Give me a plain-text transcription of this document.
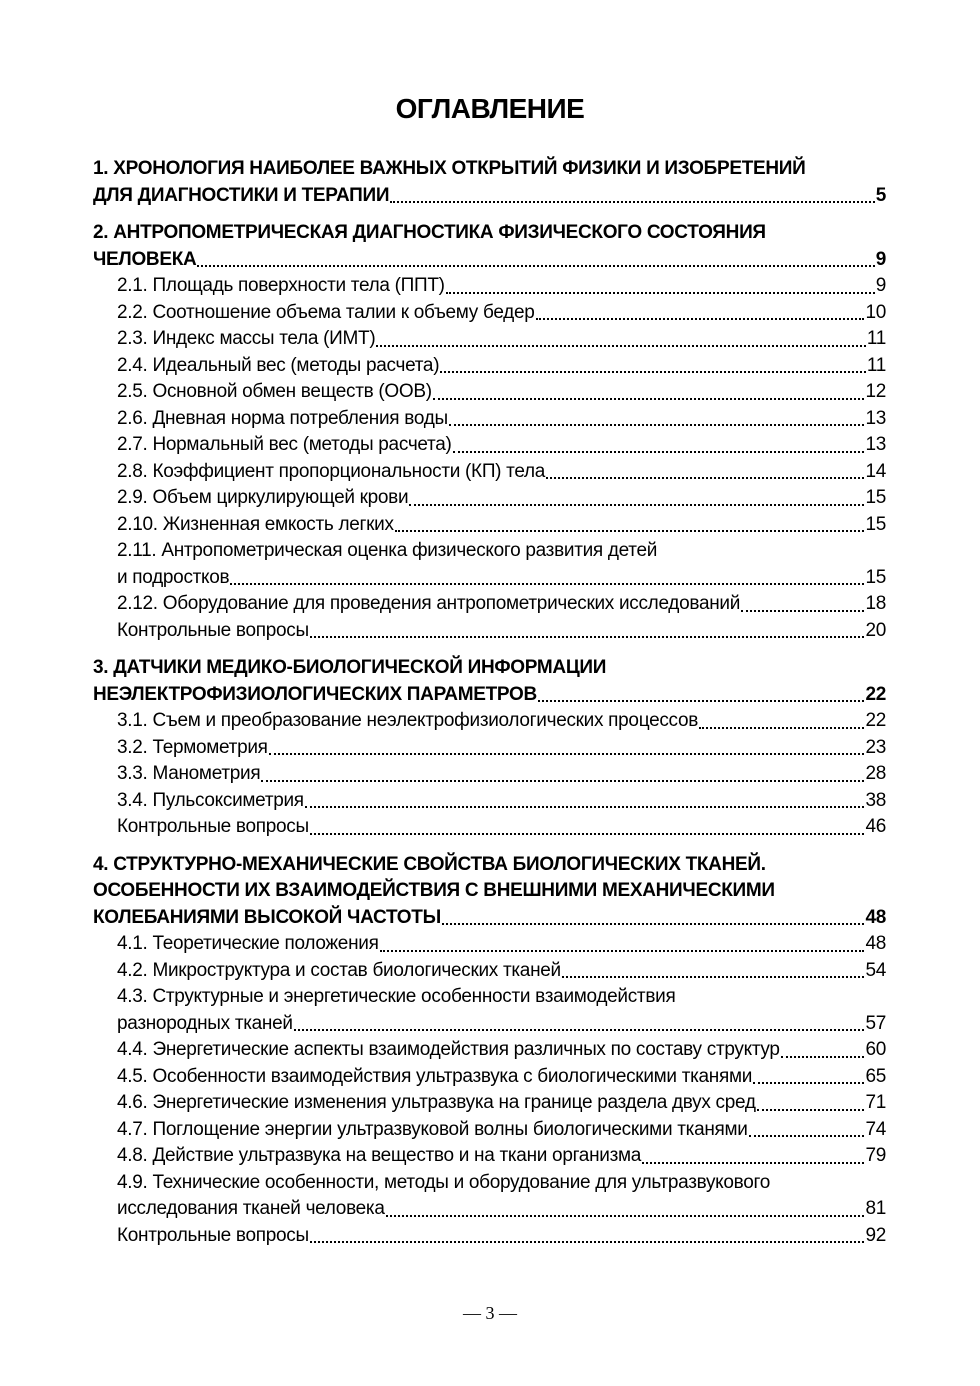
ОГЛАВЛЕНИЕ
1. ХРОНОЛОГИЯ НАИБОЛЕЕ ВАЖНЫХ ОТКРЫТИЙ ФИЗИКИ И ИЗОБРЕТЕНИЙ
ДЛЯ ДИАГНОСТИКИ И ТЕРАПИИ	5
2. АНТРОПОМЕТРИЧЕСКАЯ ДИАГНОСТИКА ФИЗИЧЕСКОГО СОСТОЯНИЯ
ЧЕЛОВЕКА	9
2.1. Площадь поверхности тела (ППТ)	9
2.2. Соотношение объема талии к объему бедер	10
2.3. Индекс массы тела (ИМТ)	11
2.4. Идеальный вес (методы расчета)	11
2.5. Основной обмен веществ (ООВ)	12
2.6. Дневная норма потребления воды	13
2.7. Нормальный вес (методы расчета)	13
2.8. Коэффициент пропорциональности (КП) тела	14
2.9. Объем циркулирующей крови	15
2.10. Жизненная емкость легких	15
2.11. Антропометрическая оценка физического развития детей
и подростков	15
2.12. Оборудование для проведения антропометрических исследований	18
Контрольные вопросы	20
3. ДАТЧИКИ МЕДИКО-БИОЛОГИЧЕСКОЙ ИНФОРМАЦИИ
НЕЭЛЕКТРОФИЗИОЛОГИЧЕСКИХ ПАРАМЕТРОВ	22
3.1. Съем и преобразование неэлектрофизиологических процессов	22
3.2. Термометрия	23
3.3. Манометрия	28
3.4. Пульсоксиметрия	38
Контрольные вопросы	46
4. СТРУКТУРНО-МЕХАНИЧЕСКИЕ СВОЙСТВА БИОЛОГИЧЕСКИХ ТКАНЕЙ.
ОСОБЕННОСТИ ИХ ВЗАИМОДЕЙСТВИЯ С ВНЕШНИМИ МЕХАНИЧЕСКИМИ
КОЛЕБАНИЯМИ ВЫСОКОЙ ЧАСТОТЫ	48
4.1. Теоретические положения	48
4.2. Микроструктура и состав биологических тканей	54
4.3. Структурные и энергетические особенности взаимодействия
разнородных тканей	57
4.4. Энергетические аспекты взаимодействия различных по составу структур	60
4.5. Особенности взаимодействия ультразвука с биологическими тканями	65
4.6. Энергетические изменения ультразвука на границе раздела двух сред	71
4.7. Поглощение энергии ультразвуковой волны биологическими тканями	74
4.8. Действие ультразвука на вещество и на ткани организма	79
4.9. Технические особенности, методы и оборудование для ультразвукового
исследования тканей человека	81
Контрольные вопросы	92
— 3 —
